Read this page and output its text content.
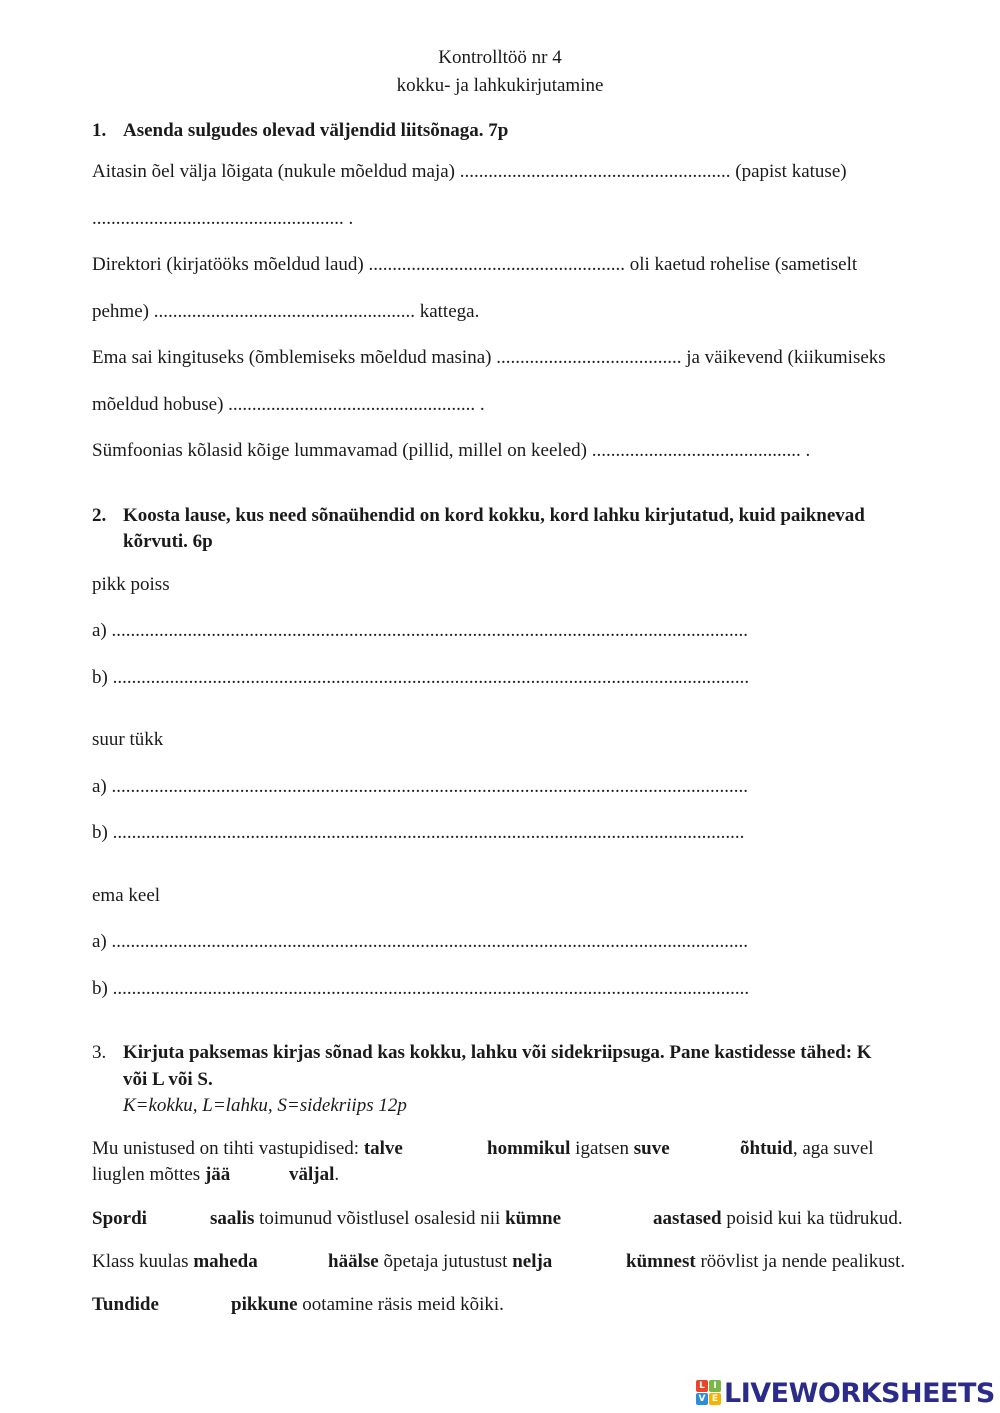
Kontrolltöö nr 4
kokku- ja lahkukirjutamine
1. Asenda sulgudes olevad väljendid liitsõnaga. 7p
Aitasin õel välja lõigata (nukule mõeldud maja) ......................................................... (papist katuse)
..................................................... .
Direktori (kirjatööks mõeldud laud) ...................................................... oli kaetud rohelise (sametiselt
pehme) ....................................................... kattega.
Ema sai kingituseks (õmblemiseks mõeldud masina) ....................................... ja väikevend (kiikumiseks
mõeldud hobuse) .................................................... .
Sümfoonias kõlasid kõige lummavamad (pillid, millel on keeled) ............................................ .
2. Koosta lause, kus need sõnaühendid on kord kokku, kord lahku kirjutatud, kuid paiknevad
kõrvuti. 6p
pikk poiss
a) ......................................................................................................................................
b) ......................................................................................................................................
suur tükk
a) ......................................................................................................................................
b) .....................................................................................................................................
ema keel
a) ......................................................................................................................................
b) ......................................................................................................................................
3. Kirjuta paksemas kirjas sõnad kas kokku, lahku või sidekriipsuga. Pane kastidesse tähed: K
või L või S.
K=kokku, L=lahku, S=sidekriips 12p
Mu unistused on tihti vastupidised: talve	hommikul igatsen suve	õhtuid, aga suvel
liuglen mõttes jää	väljal.
Spordi	saalis toimunud võistlusel osalesid nii kümne	aastased poisid kui ka tüdrukud.
Klass kuulas maheda	häälse õpetaja jutustust nelja	kümnest röövlist ja nende pealikust.
Tundide	pikkune ootamine räsis meid kõiki.
L I
V E LIVEWORKSHEETS
